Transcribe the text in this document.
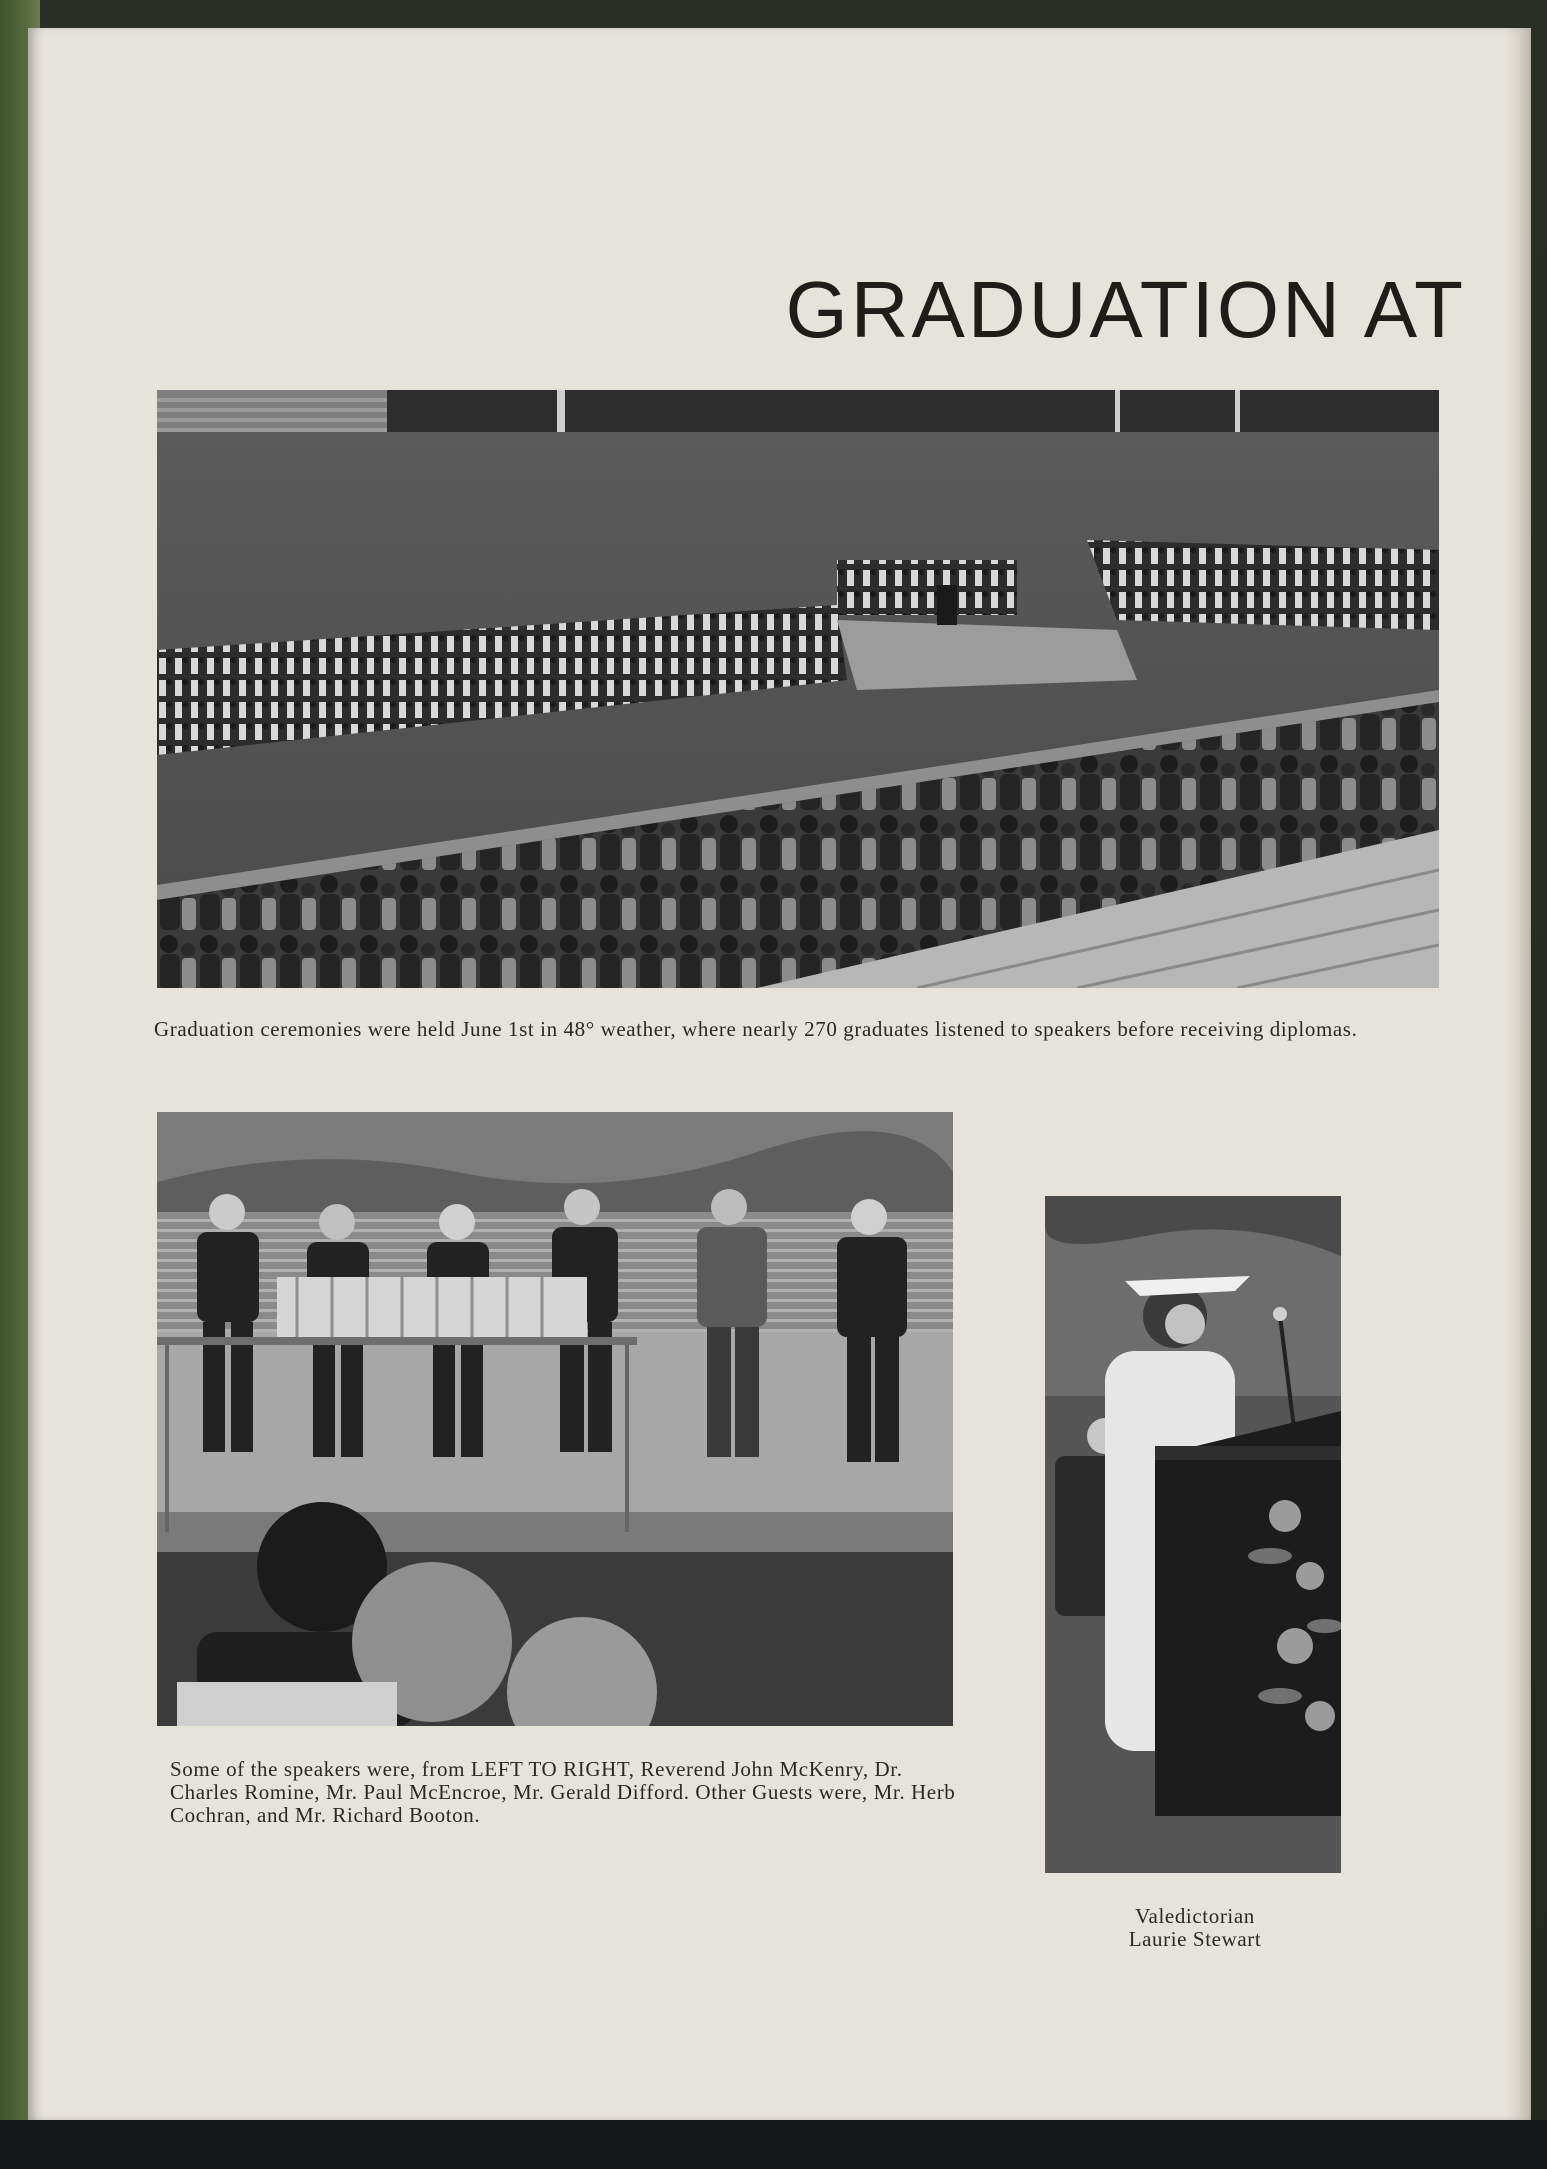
GRADUATION AT
Graduation ceremonies were held June 1st in 48° weather, where nearly 270 graduates listened to speakers before receiving diplomas.
Some of the speakers were, from LEFT TO RIGHT, Reverend John McKenry, Dr. Charles Romine, Mr. Paul McEncroe, Mr. Gerald Difford. Other Guests were, Mr. Herb Cochran, and Mr. Richard Booton.
Valedictorian
Laurie Stewart
